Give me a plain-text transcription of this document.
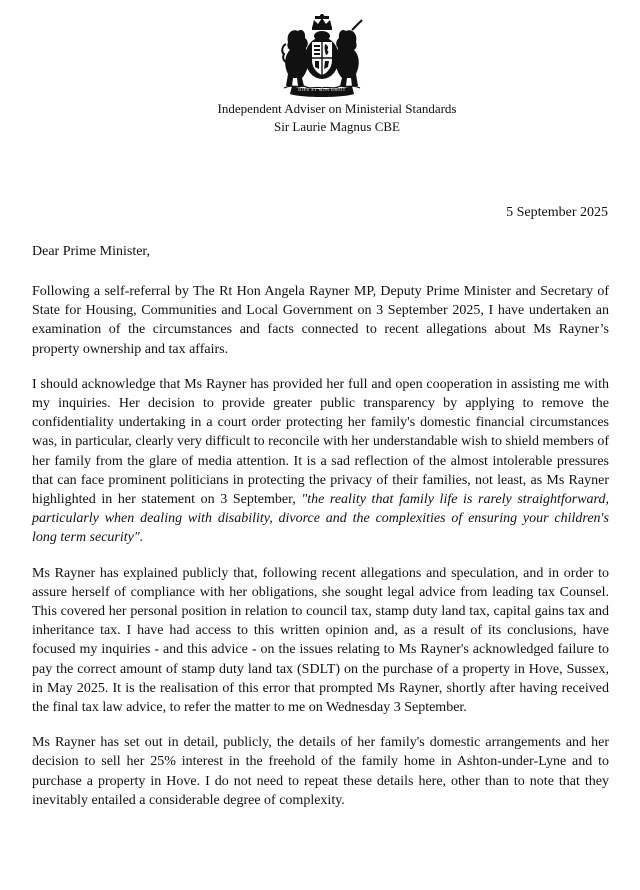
DIEU ET MON DROIT
Independent Adviser on Ministerial Standards
Sir Laurie Magnus CBE
5 September 2025
Dear Prime Minister,

Following a self-referral by The Rt Hon Angela Rayner MP, Deputy Prime Minister and Secretary of State for Housing, Communities and Local Government on 3 September 2025, I have undertaken an examination of the circumstances and facts connected to recent allegations about Ms Rayner’s property ownership and tax affairs.

I should acknowledge that Ms Rayner has provided her full and open cooperation in assisting me with my inquiries. Her decision to provide greater public transparency by applying to remove the confidentiality undertaking in a court order protecting her family's domestic financial circumstances was, in particular, clearly very difficult to reconcile with her understandable wish to shield members of her family from the glare of media attention. It is a sad reflection of the almost intolerable pressures that can face prominent politicians in protecting the privacy of their families, not least, as Ms Rayner highlighted in her statement on 3 September, "the reality that family life is rarely straightforward, particularly when dealing with disability, divorce and the complexities of ensuring your children's long term security".

Ms Rayner has explained publicly that, following recent allegations and speculation, and in order to assure herself of compliance with her obligations, she sought legal advice from leading tax Counsel. This covered her personal position in relation to council tax, stamp duty land tax, capital gains tax and inheritance tax. I have had access to this written opinion and, as a result of its conclusions, have focused my inquiries - and this advice - on the issues relating to Ms Rayner's acknowledged failure to pay the correct amount of stamp duty land tax (SDLT) on the purchase of a property in Hove, Sussex, in May 2025. It is the realisation of this error that prompted Ms Rayner, shortly after having received the final tax law advice, to refer the matter to me on Wednesday 3 September.

Ms Rayner has set out in detail, publicly, the details of her family's domestic arrangements and her decision to sell her 25% interest in the freehold of the family home in Ashton-under-Lyne and to purchase a property in Hove. I do not need to repeat these details here, other than to note that they inevitably entailed a considerable degree of complexity.
